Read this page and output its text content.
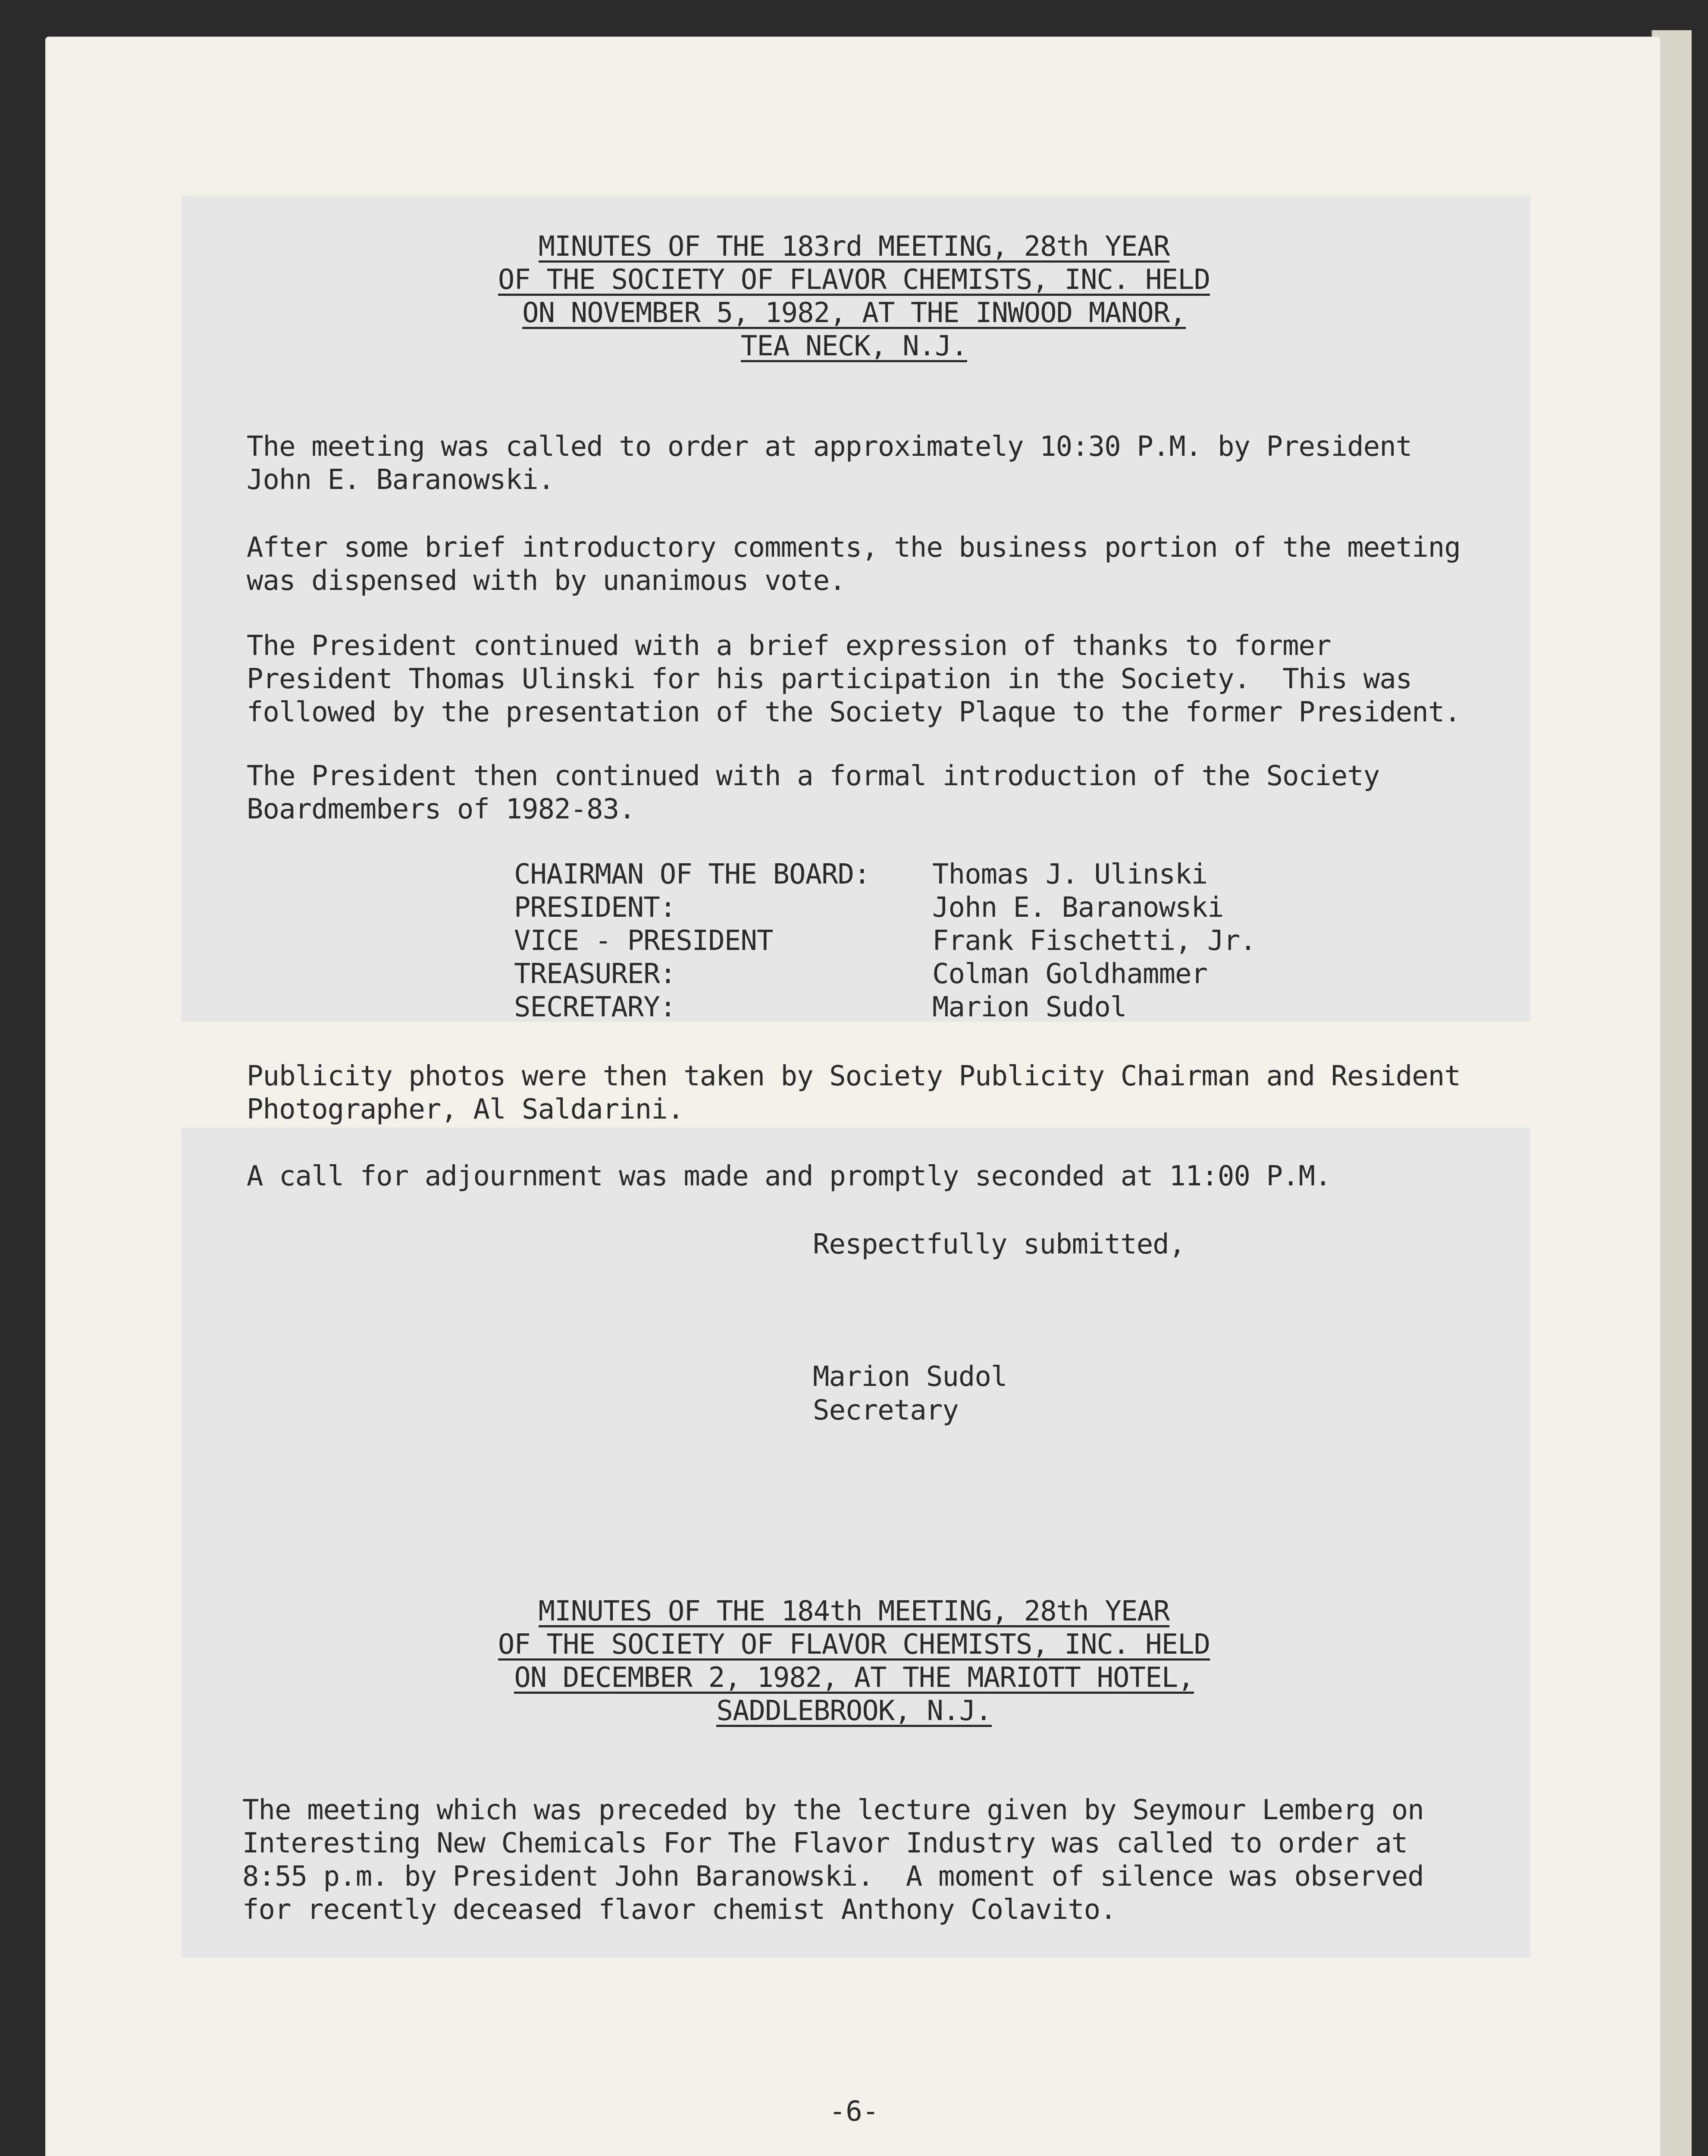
MINUTES OF THE 183rd MEETING, 28th YEAR
OF THE SOCIETY OF FLAVOR CHEMISTS, INC. HELD
ON NOVEMBER 5, 1982, AT THE INWOOD MANOR,
TEA NECK, N.J.
The meeting was called to order at approximately 10:30 P.M. by President
John E. Baranowski.
After some brief introductory comments, the business portion of the meeting
was dispensed with by unanimous vote.
The President continued with a brief expression of thanks to former
President Thomas Ulinski for his participation in the Society.  This was
followed by the presentation of the Society Plaque to the former President.
The President then continued with a formal introduction of the Society
Boardmembers of 1982-83.
CHAIRMAN OF THE BOARD: Thomas J. Ulinski
PRESIDENT:	John E. Baranowski
VICE - PRESIDENT	Frank Fischetti, Jr.
TREASURER:	Colman Goldhammer
SECRETARY:	Marion Sudol
Publicity photos were then taken by Society Publicity Chairman and Resident
Photographer, Al Saldarini.
A call for adjournment was made and promptly seconded at 11:00 P.M.
Respectfully submitted,
Marion Sudol
Secretary
MINUTES OF THE 184th MEETING, 28th YEAR
OF THE SOCIETY OF FLAVOR CHEMISTS, INC. HELD
ON DECEMBER 2, 1982, AT THE MARIOTT HOTEL,
SADDLEBROOK, N.J.
The meeting which was preceded by the lecture given by Seymour Lemberg on
Interesting New Chemicals For The Flavor Industry was called to order at
8:55 p.m. by President John Baranowski.  A moment of silence was observed
for recently deceased flavor chemist Anthony Colavito.
-6-
